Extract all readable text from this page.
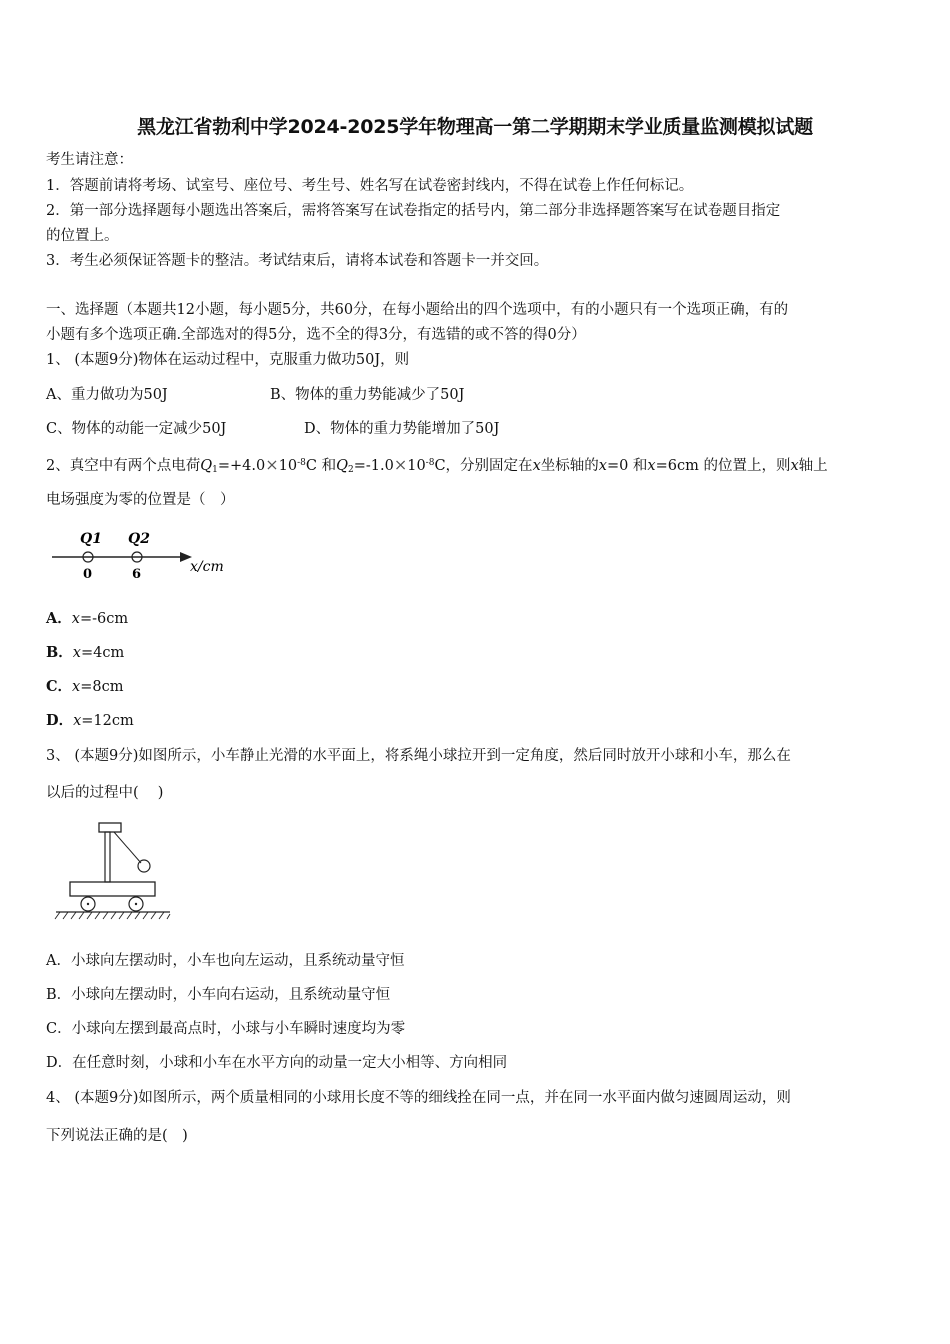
黑龙江省勃利中学2024-2025学年物理高一第二学期期末学业质量监测模拟试题
考生请注意：
1．答题前请将考场、试室号、座位号、考生号、姓名写在试卷密封线内，不得在试卷上作任何标记。
2．第一部分选择题每小题选出答案后，需将答案写在试卷指定的括号内，第二部分非选择题答案写在试卷题目指定
的位置上。
3．考生必须保证答题卡的整洁。考试结束后，请将本试卷和答题卡一并交回。
一、选择题（本题共12小题，每小题5分，共60分，在每小题给出的四个选项中，有的小题只有一个选项正确，有的
小题有多个选项正确.全部选对的得5分，选不全的得3分，有选错的或不答的得0分）
1、 (本题9分)物体在运动过程中，克服重力做功50J，则
A、重力做功为50J	B、物体的重力势能减少了50J
C、物体的动能一定减少50J	D、物体的重力势能增加了50J
2、真空中有两个点电荷$Q_1=+4.0\times 10^{-8}C$ 和$Q_2=-1.0\times 10^{-8}C$，分别固定在x坐标轴的x=0 和x=6cm 的位置上，则x轴上
电场强度为零的位置是（　）
Q1 Q2
0	6	x/cm
A．x=-6cm
B．x=4cm
C．x=8cm
D．x=12cm
3、 (本题9分)如图所示，小车静止光滑的水平面上，将系绳小球拉开到一定角度，然后同时放开小球和小车，那么在
以后的过程中(　 )
A．小球向左摆动时，小车也向左运动，且系统动量守恒
B．小球向左摆动时，小车向右运动，且系统动量守恒
C．小球向左摆到最高点时，小球与小车瞬时速度均为零
D．在任意时刻，小球和小车在水平方向的动量一定大小相等、方向相同
4、 (本题9分)如图所示，两个质量相同的小球用长度不等的细线拴在同一点，并在同一水平面内做匀速圆周运动，则
下列说法正确的是(　)
